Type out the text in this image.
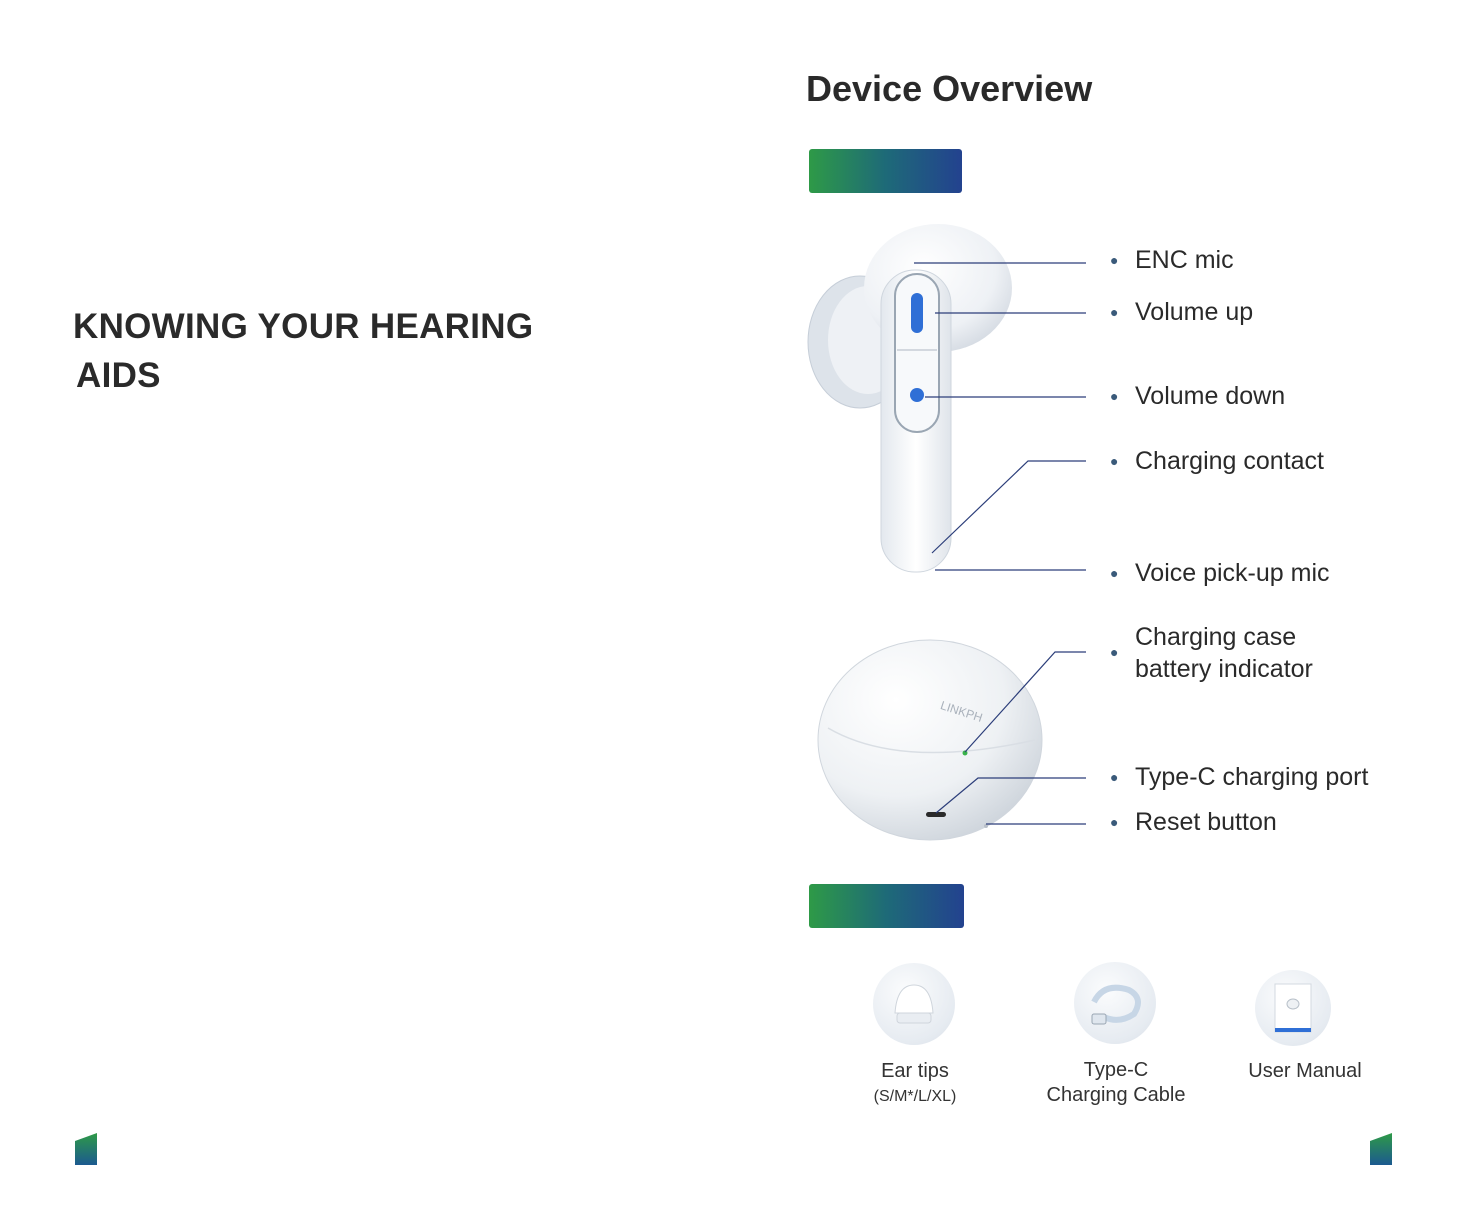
KNOWING YOUR HEARING
AIDS
Device Overview
LINKPH
● ENC mic
● Volume up
● Volume down
● Charging contact
● Voice pick-up mic
●
Charging case
battery indicator
● Type-C charging port
● Reset button
Ear tips
(S/M*/L/XL)
Type-C
Charging Cable
User Manual
